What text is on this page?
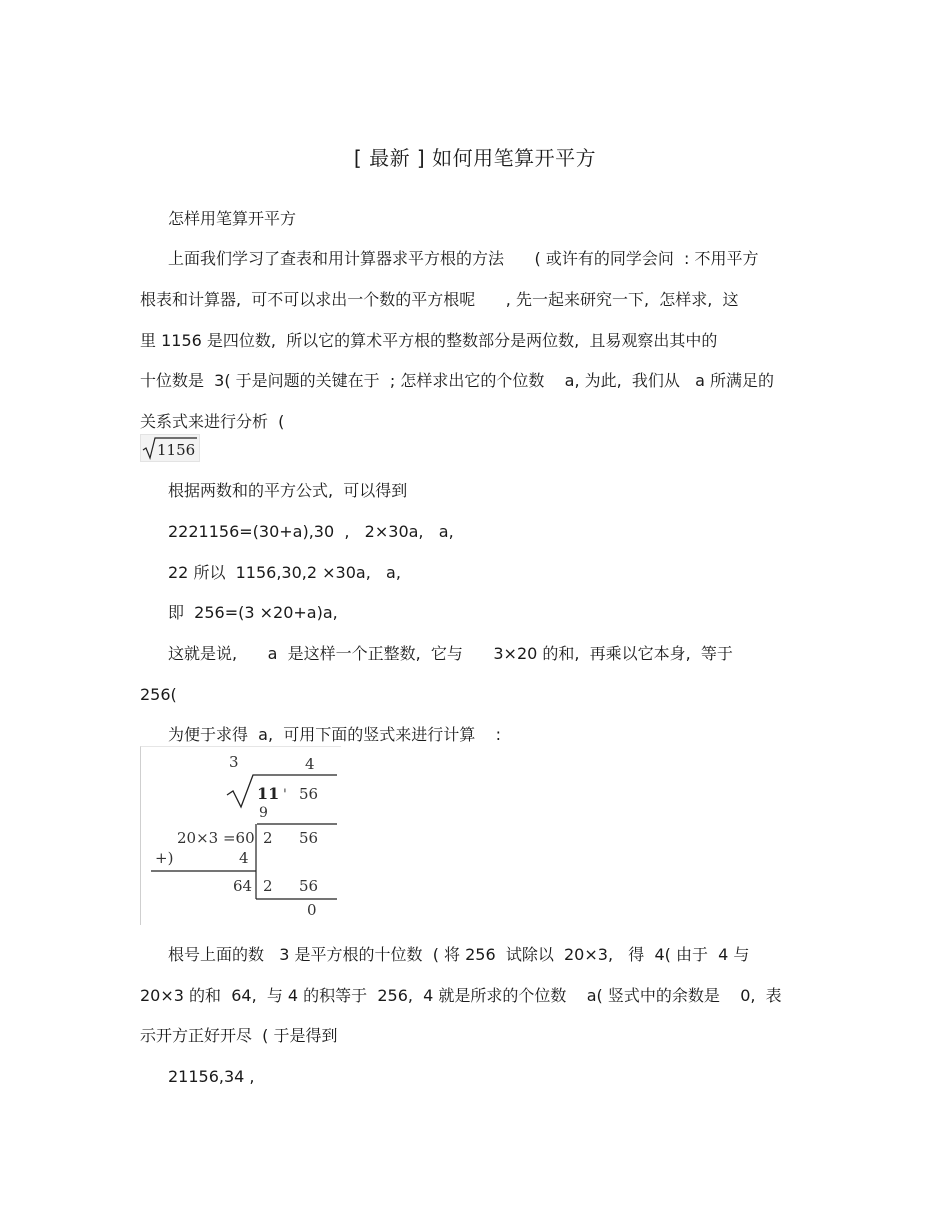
[ 最新 ] 如何用笔算开平方
怎样用笔算开平方
上面我们学习了查表和用计算器求平方根的方法      ( 或许有的同学会问  : 不用平方
根表和计算器,  可不可以求出一个数的平方根呢      , 先一起来研究一下,  怎样求,  这
里 1156 是四位数,  所以它的算术平方根的整数部分是两位数,  且易观察出其中的
十位数是  3( 于是问题的关键在于  ; 怎样求出它的个位数    a, 为此,  我们从   a 所满足的
关系式来进行分析  (
1156
根据两数和的平方公式,  可以得到
2221156=(30+a),30  ,   2×30a,   a,
22 所以  1156,30,2 ×30a,   a,
即  256=(3 ×20+a)a,
这就是说,      a  是这样一个正整数,  它与      3×20 的和,  再乘以它本身,  等于
256(
为便于求得  a,  可用下面的竖式来进行计算    :
3	4
11 ' 56
9
20×3 =60 2 56
+)	4
64 2 56
0
根号上面的数   3 是平方根的十位数  ( 将 256  试除以  20×3,   得  4( 由于  4 与
20×3 的和  64,  与 4 的积等于  256,  4 就是所求的个位数    a( 竖式中的余数是    0,  表
示开方正好开尽  ( 于是得到
21156,34 ,
